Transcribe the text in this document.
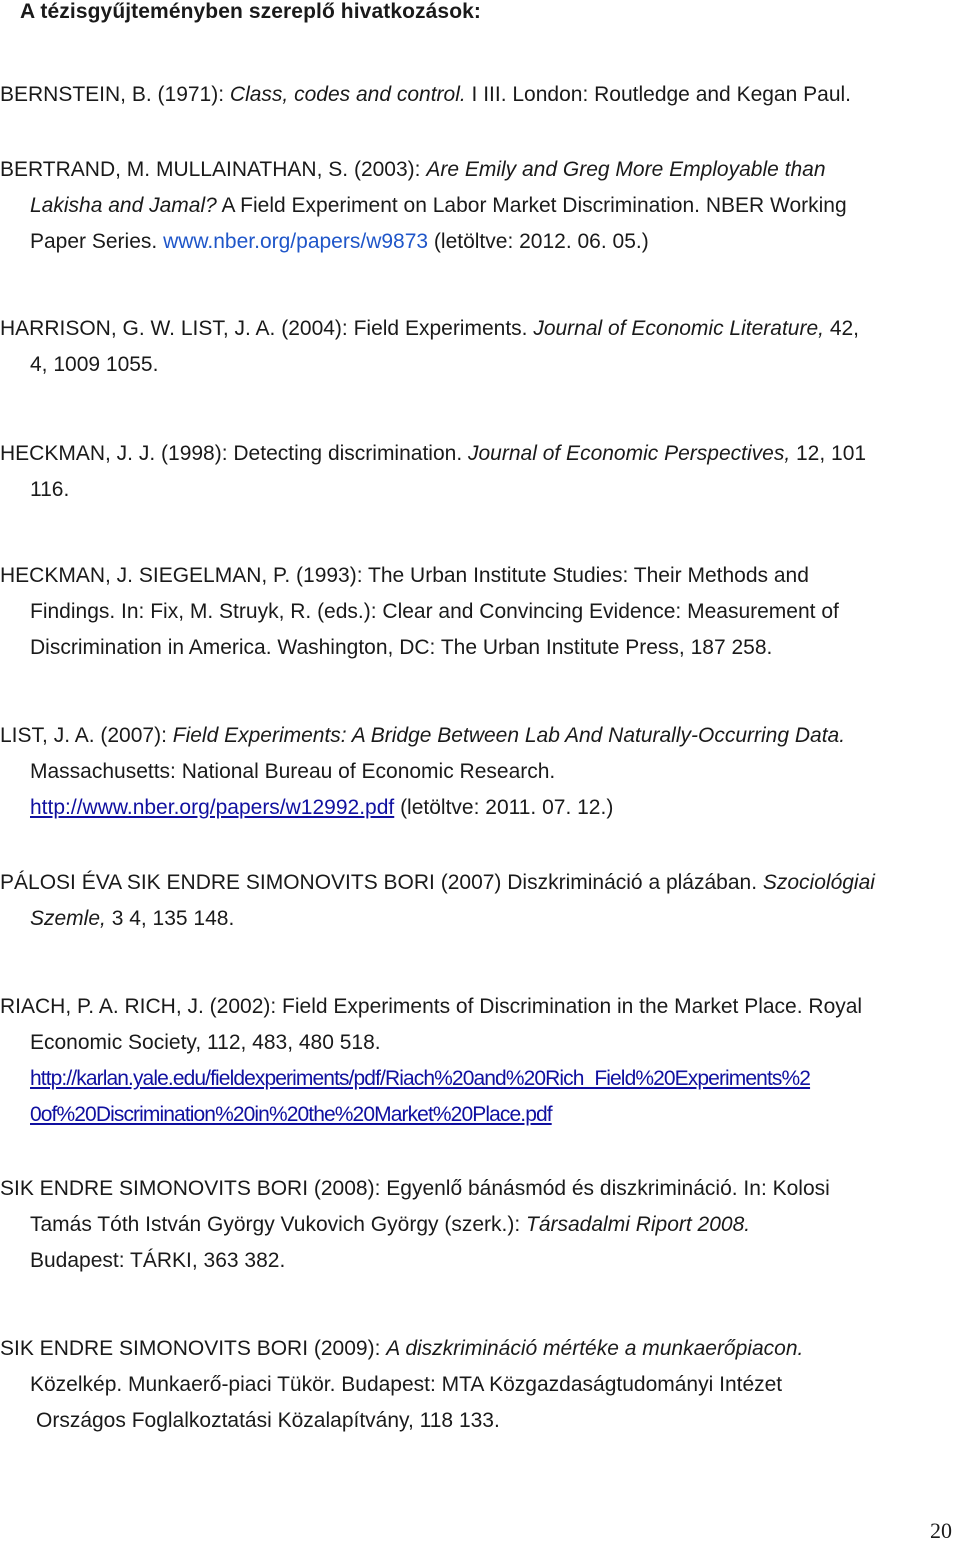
A tézisgyűjteményben szereplő hivatkozások:
BERNSTEIN, B. (1971): Class, codes and control. I III. London: Routledge and Kegan Paul.
BERTRAND, M. MULLAINATHAN, S. (2003): Are Emily and Greg More Employable than
Lakisha and Jamal? A Field Experiment on Labor Market Discrimination. NBER Working
Paper Series. www.nber.org/papers/w9873 (letöltve: 2012. 06. 05.)
HARRISON, G. W. LIST, J. A. (2004): Field Experiments. Journal of Economic Literature, 42,
4, 1009 1055.
HECKMAN, J. J. (1998): Detecting discrimination. Journal of Economic Perspectives, 12, 101
116.
HECKMAN, J. SIEGELMAN, P. (1993): The Urban Institute Studies: Their Methods and
Findings. In: Fix, M. Struyk, R. (eds.): Clear and Convincing Evidence: Measurement of
Discrimination in America. Washington, DC: The Urban Institute Press, 187 258.
LIST, J. A. (2007): Field Experiments: A Bridge Between Lab And Naturally-Occurring Data.
Massachusetts: National Bureau of Economic Research.
http://www.nber.org/papers/w12992.pdf (letöltve: 2011. 07. 12.)
PÁLOSI ÉVA SIK ENDRE SIMONOVITS BORI (2007) Diszkrimináció a plázában. Szociológiai
Szemle, 3 4, 135 148.
RIACH, P. A. RICH, J. (2002): Field Experiments of Discrimination in the Market Place. Royal
Economic Society, 112, 483, 480 518.
http://karlan.yale.edu/fieldexperiments/pdf/Riach%20and%20Rich_Field%20Experiments%2
0of%20Discrimination%20in%20the%20Market%20Place.pdf
SIK ENDRE SIMONOVITS BORI (2008): Egyenlő bánásmód és diszkrimináció. In: Kolosi
Tamás Tóth István György Vukovich György (szerk.): Társadalmi Riport 2008.
Budapest: TÁRKI, 363 382.
SIK ENDRE SIMONOVITS BORI (2009): A diszkrimináció mértéke a munkaerőpiacon.
Közelkép. Munkaerő-piaci Tükör. Budapest: MTA Közgazdaságtudományi Intézet
Országos Foglalkoztatási Közalapítvány, 118 133.
20
